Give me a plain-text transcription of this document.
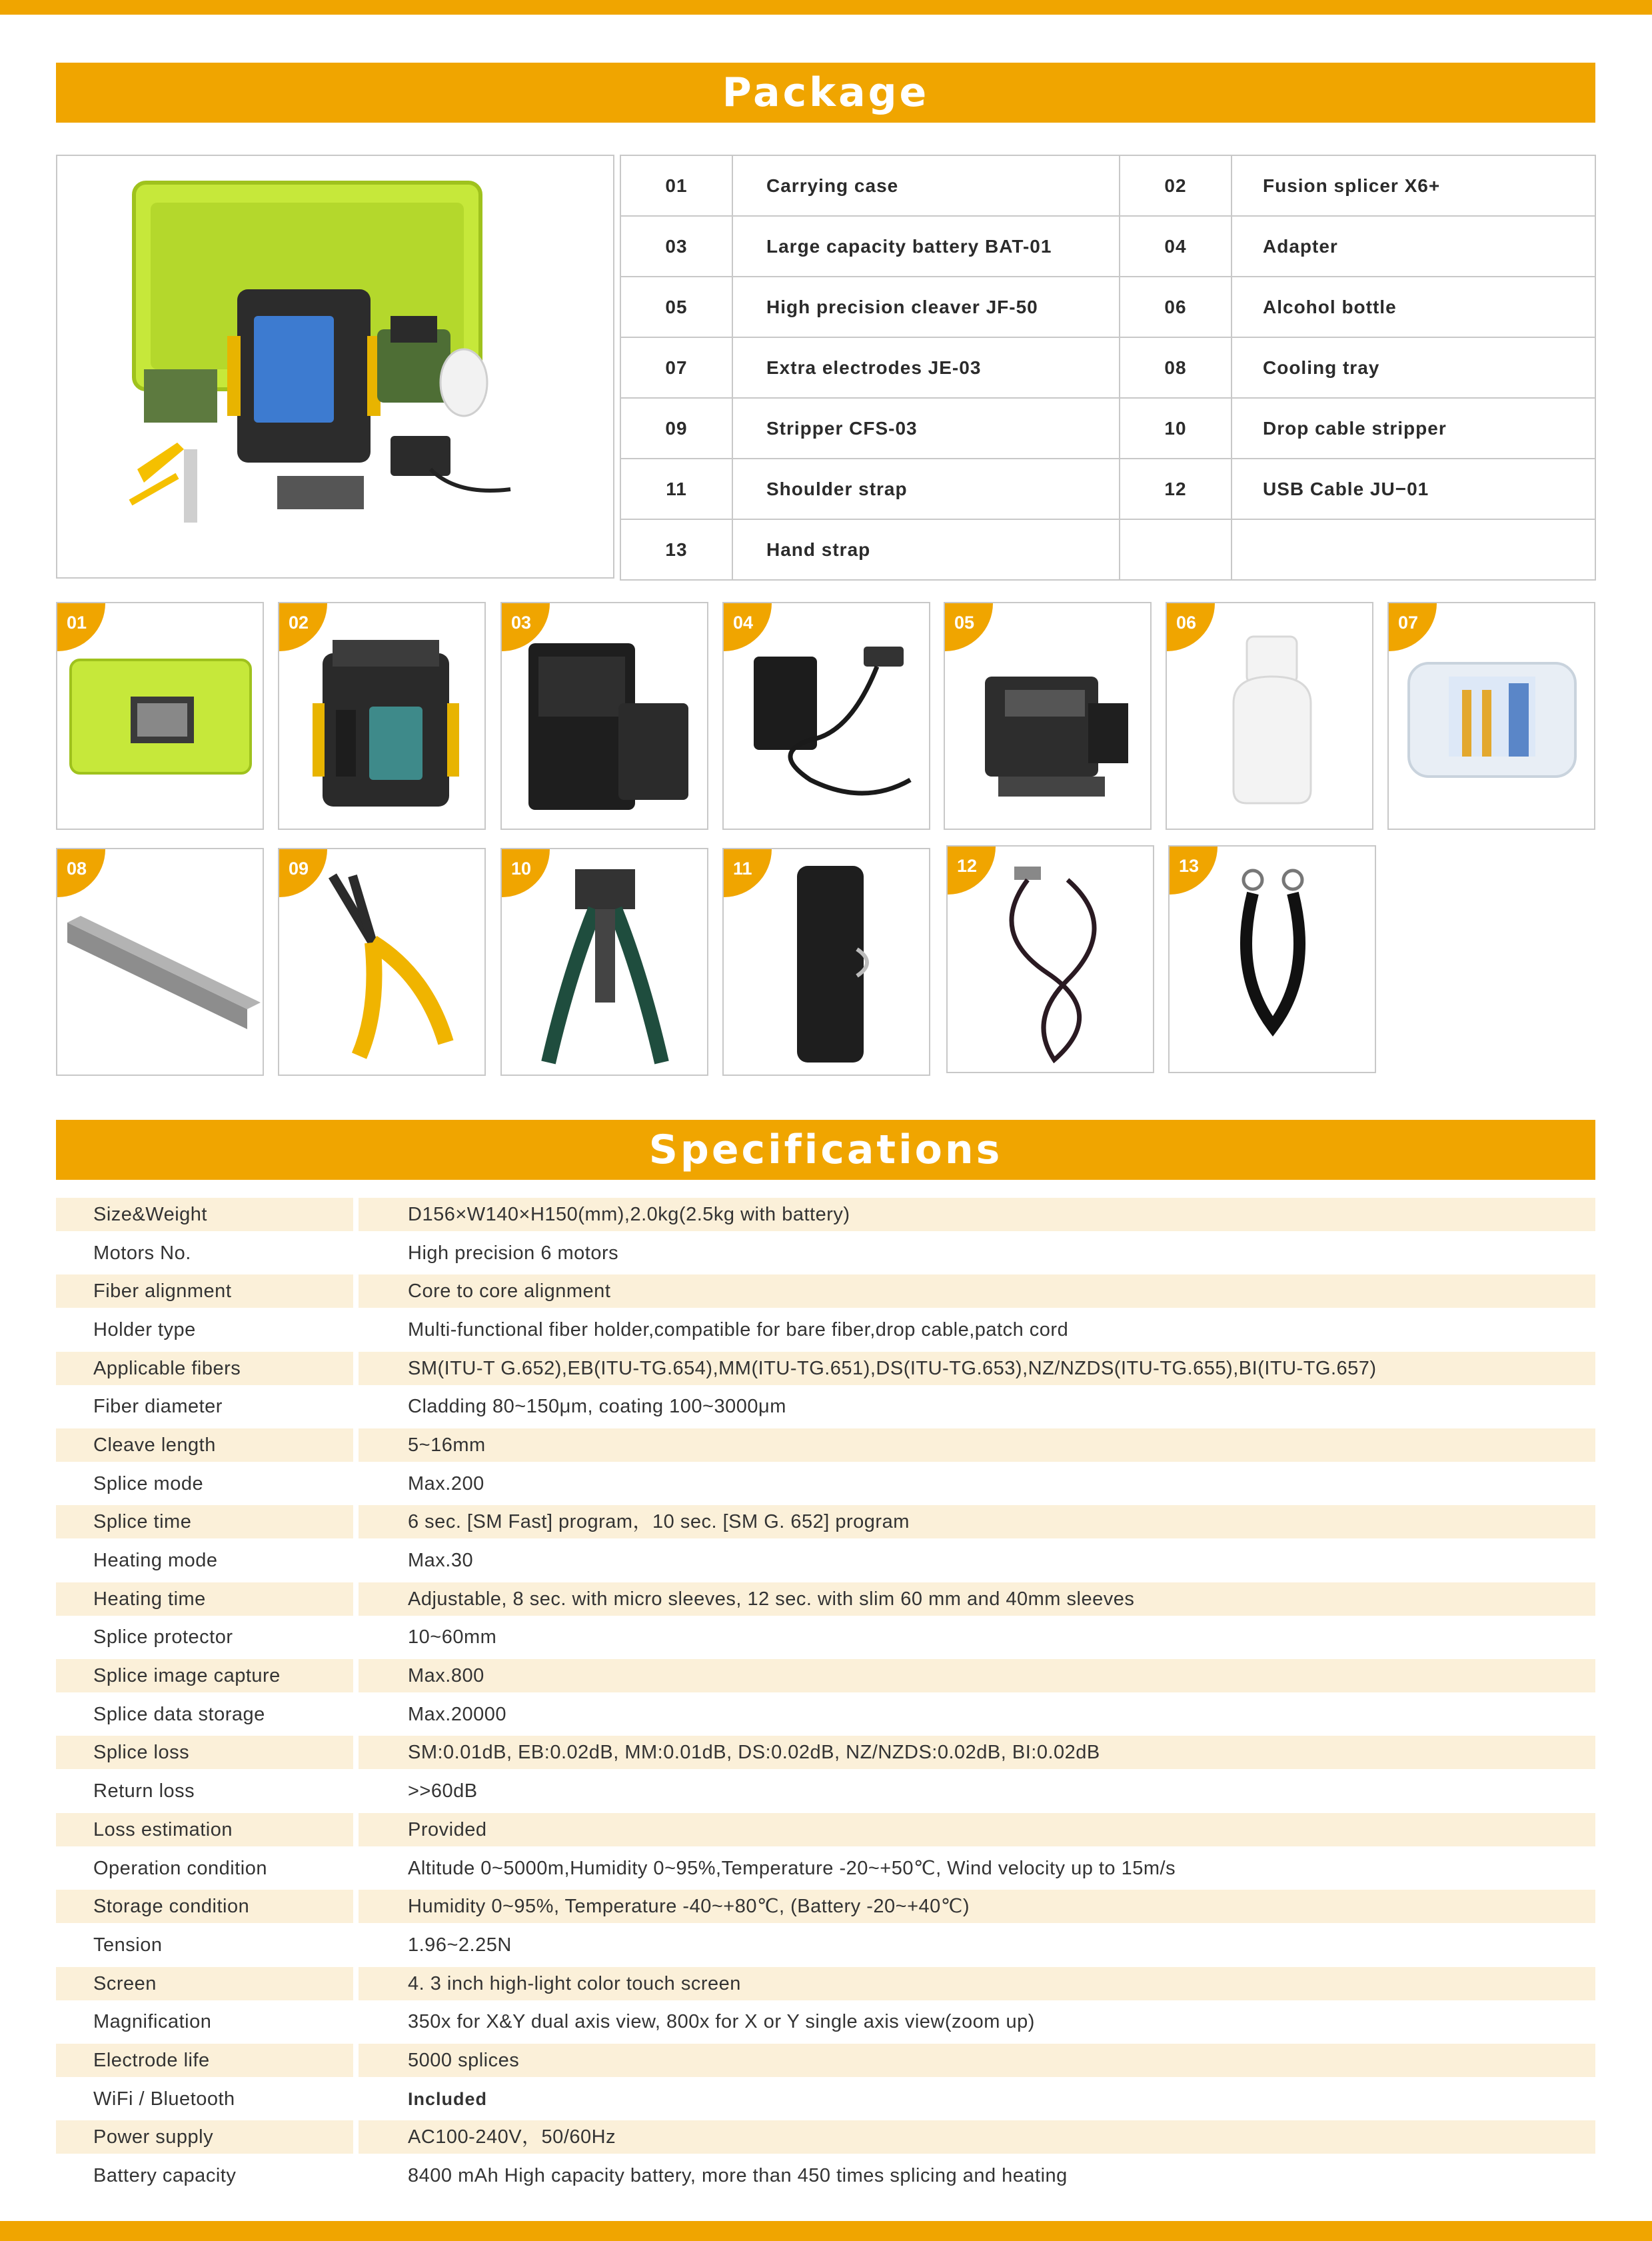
Package
01	Carrying case	02	Fusion splicer X6+
03	Large capacity battery BAT-01	04	Adapter
05	High precision cleaver JF-50	06	Alcohol bottle
07	Extra electrodes JE-03	08	Cooling tray
09	Stripper CFS-03	10	Drop cable stripper
11	Shoulder strap	12	USB Cable JU−01
13	Hand strap		
01	02	03	04	05	06	07
08	09	10	11	12	13
Specifications
Size&Weight	D156×W140×H150(mm),2.0kg(2.5kg with battery)
Motors No.	High precision 6 motors
Fiber alignment	Core to core alignment
Holder type	Multi-functional fiber holder,compatible for bare fiber,drop cable,patch cord
Applicable fibers	SM(ITU-T G.652),EB(ITU-TG.654),MM(ITU-TG.651),DS(ITU-TG.653),NZ/NZDS(ITU-TG.655),BI(ITU-TG.657)
Fiber diameter	Cladding 80~150μm, coating 100~3000μm
Cleave length	5~16mm
Splice mode	Max.200
Splice time	6 sec. [SM Fast] program，10 sec. [SM G. 652] program
Heating mode	Max.30
Heating time	Adjustable, 8 sec. with micro sleeves, 12 sec. with slim 60 mm and 40mm sleeves
Splice protector	10~60mm
Splice image capture	Max.800
Splice data storage	Max.20000
Splice loss	SM:0.01dB, EB:0.02dB, MM:0.01dB, DS:0.02dB, NZ/NZDS:0.02dB, BI:0.02dB
Return loss	>>60dB
Loss estimation	Provided
Operation condition	Altitude 0~5000m,Humidity 0~95%,Temperature -20~+50℃, Wind velocity up to 15m/s
Storage condition	Humidity 0~95%, Temperature -40~+80℃, (Battery -20~+40℃)
Tension	1.96~2.25N
Screen	4. 3 inch high-light color touch screen
Magnification	350x for X&Y dual axis view, 800x for X or Y single axis view(zoom up)
Electrode life	5000 splices
WiFi / Bluetooth	Included
Power supply	AC100-240V，50/60Hz
Battery capacity	8400 mAh High capacity battery, more than 450 times splicing and heating
